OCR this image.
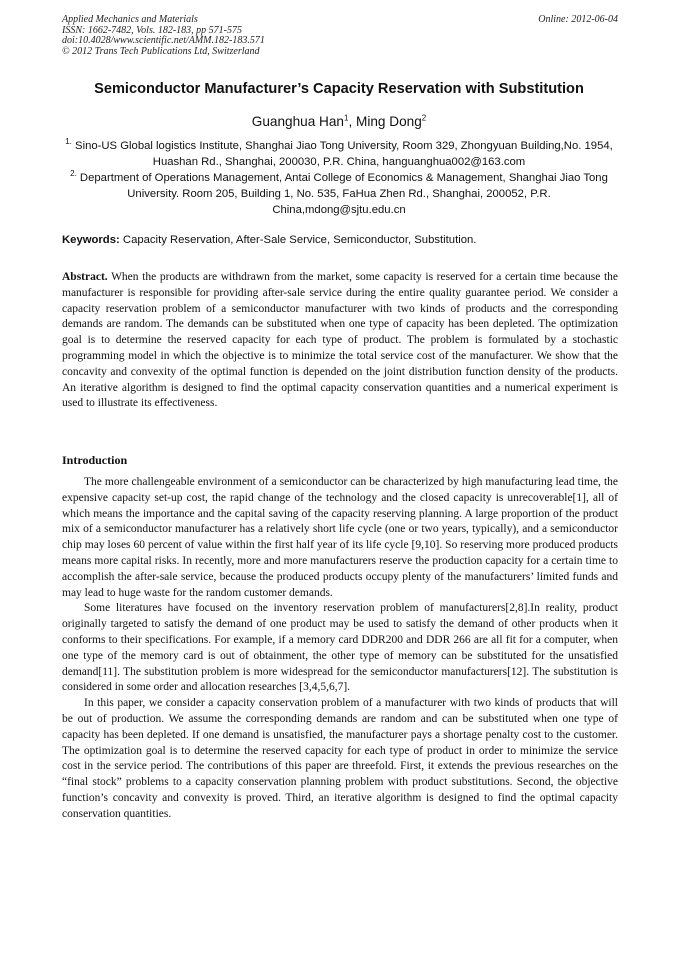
Applied Mechanics and Materials
ISSN: 1662-7482, Vols. 182-183, pp 571-575
doi:10.4028/www.scientific.net/AMM.182-183.571
© 2012 Trans Tech Publications Ltd, Switzerland
Online: 2012-06-04
Semiconductor Manufacturer’s Capacity Reservation with Substitution
Guanghua Han$^1$, Ming Dong$^2$
$^{1.}$ Sino-US Global logistics Institute, Shanghai Jiao Tong University, Room 329, Zhongyuan Building,No. 1954, Huashan Rd., Shanghai, 200030, P.R. China, hanguanghua002@163.com
$^{2.}$ Department of Operations Management, Antai College of Economics & Management, Shanghai Jiao Tong University. Room 205, Building 1, No. 535, FaHua Zhen Rd., Shanghai, 200052, P.R. China,mdong@sjtu.edu.cn
Keywords: Capacity Reservation, After-Sale Service, Semiconductor, Substitution.
Abstract. When the products are withdrawn from the market, some capacity is reserved for a certain time because the manufacturer is responsible for providing after-sale service during the entire quality guarantee period. We consider a capacity reservation problem of a semiconductor manufacturer with two kinds of products and the corresponding demands are random. The demands can be substituted when one type of capacity has been depleted. The optimization goal is to determine the reserved capacity for each type of product. The problem is formulated by a stochastic programming model in which the objective is to minimize the total service cost of the manufacturer. We show that the concavity and convexity of the optimal function is depended on the joint distribution function density of the products. An iterative algorithm is designed to find the optimal capacity conservation quantities and a numerical experiment is used to illustrate its effectiveness.
Introduction

The more challengeable environment of a semiconductor can be characterized by high manufacturing lead time, the expensive capacity set-up cost, the rapid change of the technology and the closed capacity is unrecoverable[1], all of which means the importance and the capital saving of the capacity reserving planning. A large proportion of the product mix of a semiconductor manufacturer has a relatively short life cycle (one or two years, typically), and a semiconductor chip may loses 60 percent of value within the first half year of its life cycle [9,10]. So reserving more produced products means more capital risks. In recently, more and more manufacturers reserve the production capacity for a certain time to accomplish the after-sale service, because the produced products occupy plenty of the manufacturers’ limited funds and may lead to huge waste for the random customer demands.

Some literatures have focused on the inventory reservation problem of manufacturers[2,8].In reality, product originally targeted to satisfy the demand of one product may be used to satisfy the demand of other products when it conforms to their specifications. For example, if a memory card DDR200 and DDR 266 are all fit for a computer, when one type of the memory card is out of obtainment, the other type of memory can be substituted for the unsatisfied demand[11]. The substitution problem is more widespread for the semiconductor manufacturers[12]. The substitution is considered in some order and allocation researches [3,4,5,6,7].

In this paper, we consider a capacity conservation problem of a manufacturer with two kinds of products that will be out of production. We assume the corresponding demands are random and can be substituted when one type of capacity has been depleted. If one demand is unsatisfied, the manufacturer pays a shortage penalty cost to the customer. The optimization goal is to determine the reserved capacity for each type of product in order to minimize the service cost in the service period. The contributions of this paper are threefold. First, it extends the previous researches on the “final stock” problems to a capacity conservation planning problem with product substitutions. Second, the objective function’s concavity and convexity is proved. Third, an iterative algorithm is designed to find the optimal capacity conservation quantities.
